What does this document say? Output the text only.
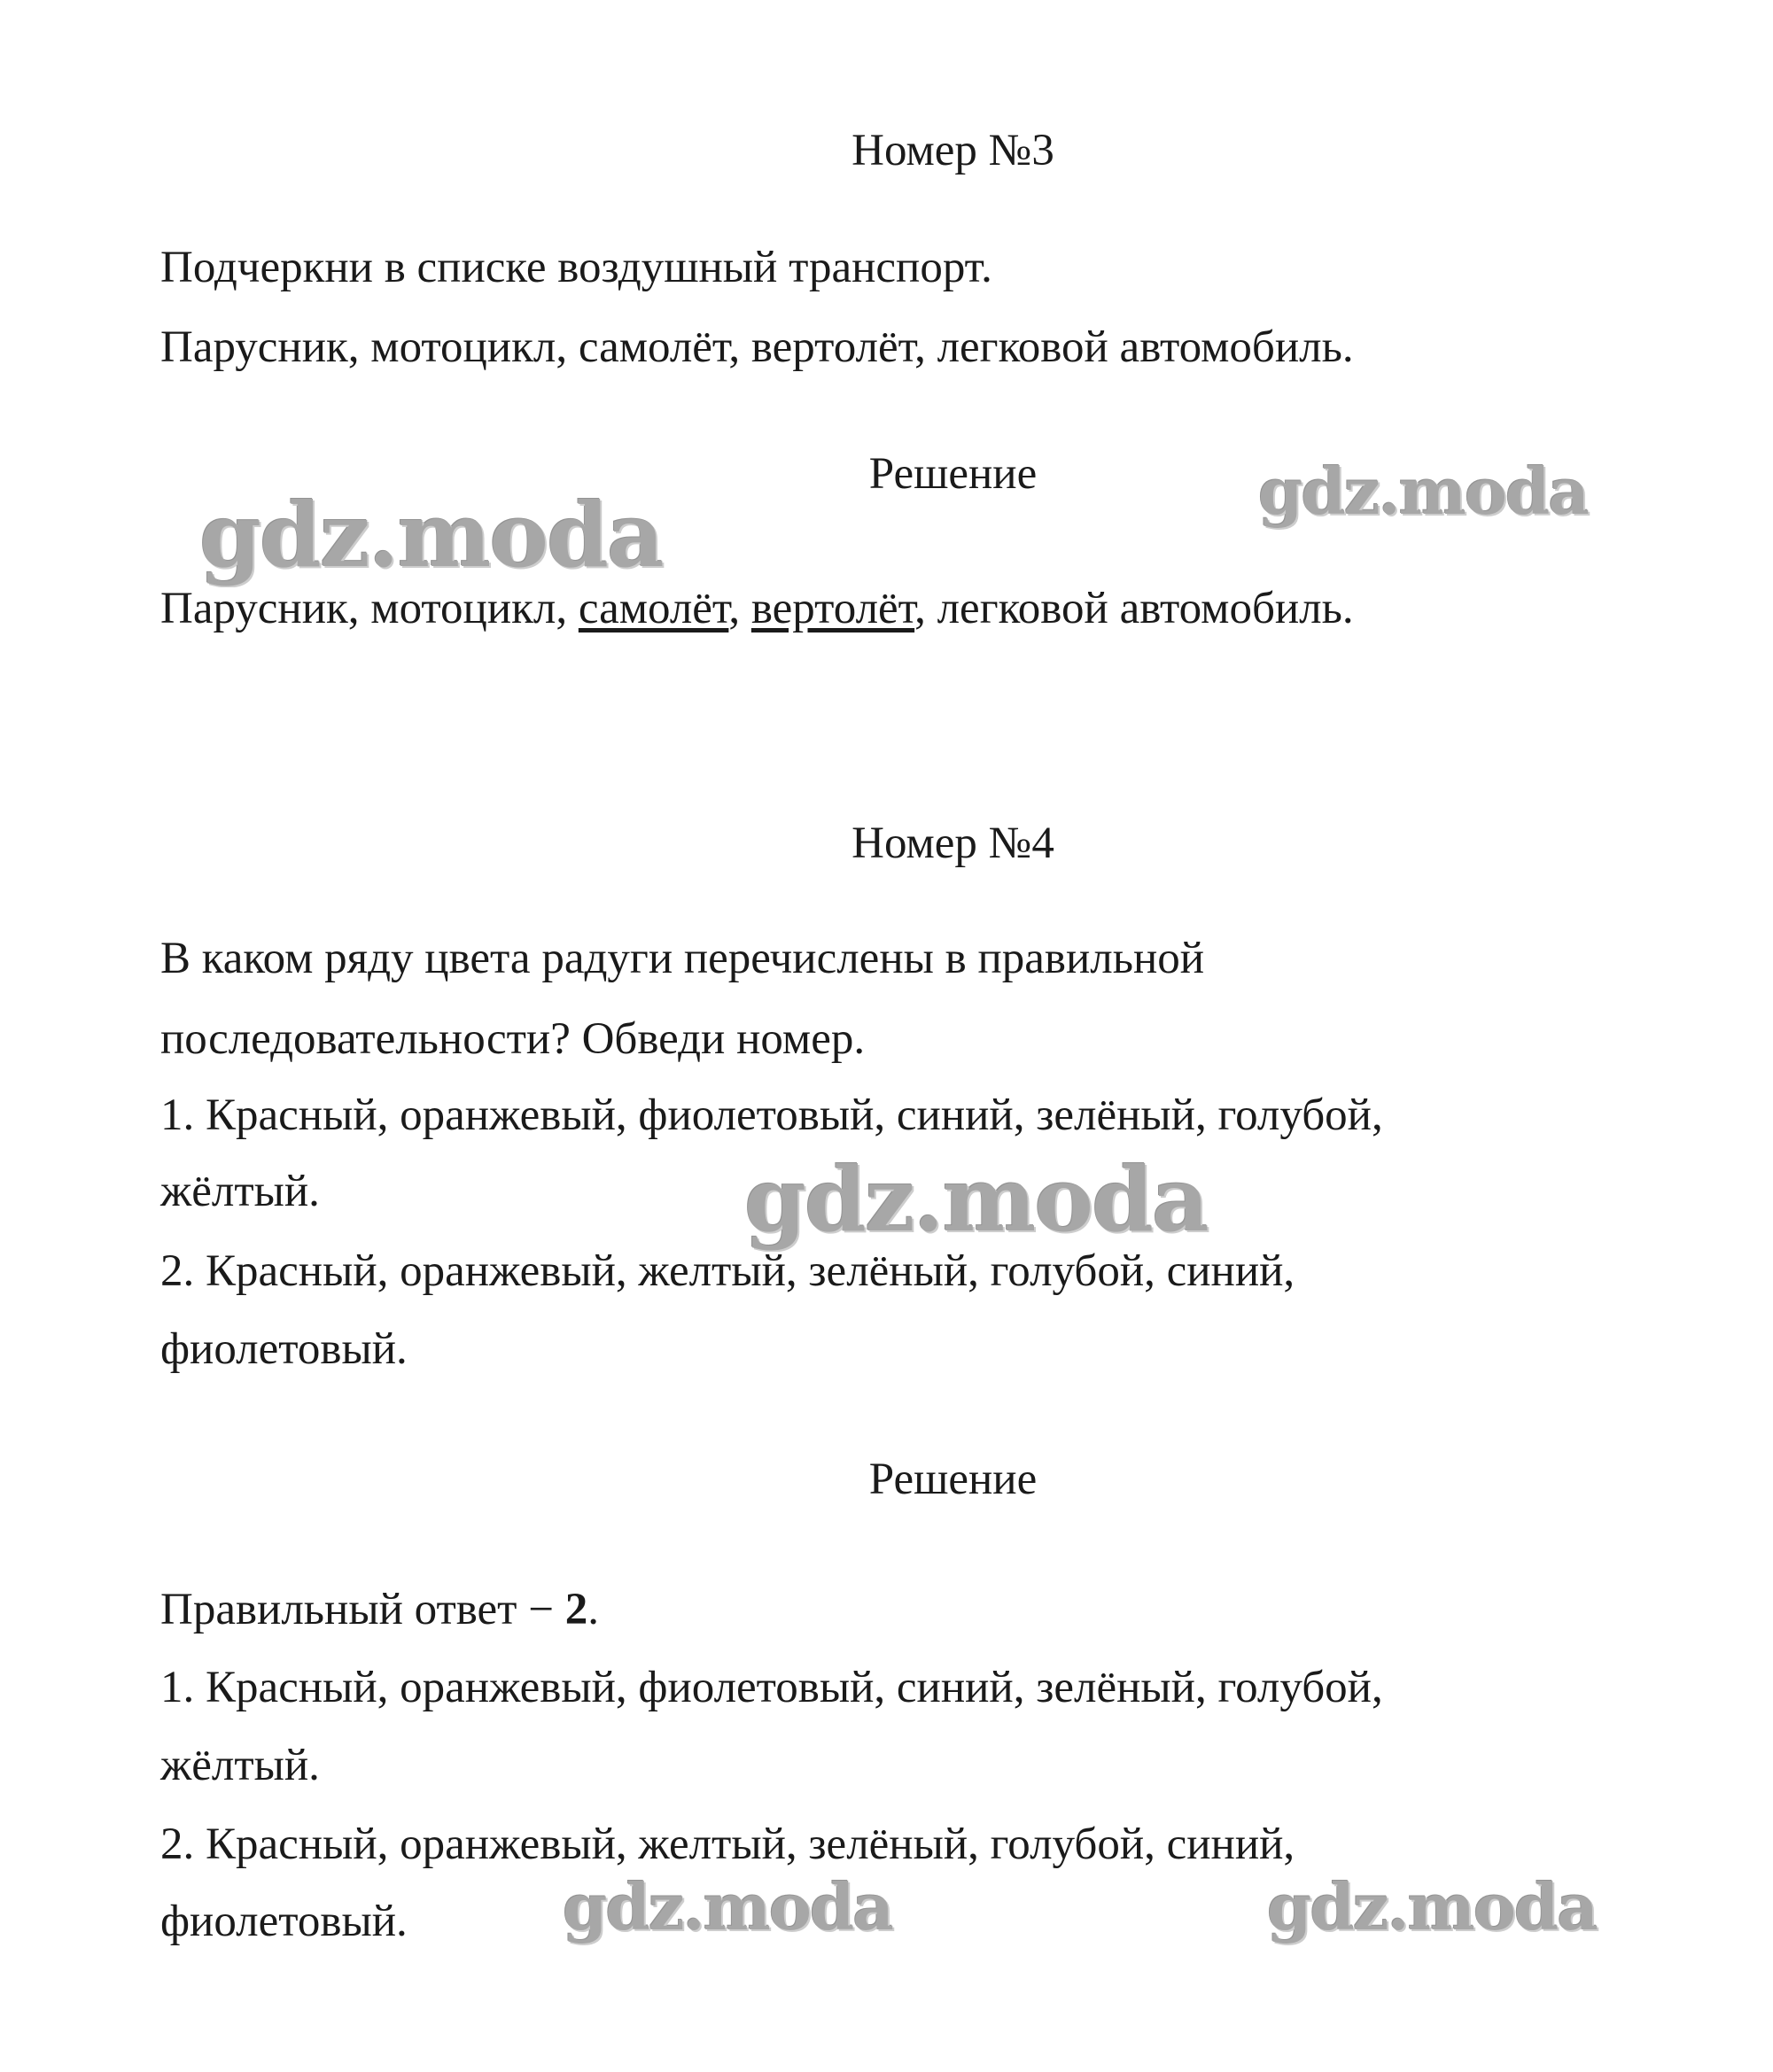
Номер №3
Подчеркни в списке воздушный транспорт.
Парусник, мотоцикл, самолёт, вертолёт, легковой автомобиль.
Решение
Парусник, мотоцикл, самолёт, вертолёт, легковой автомобиль.
Номер №4
В каком ряду цвета радуги перечислены в правильной
последовательности? Обведи номер.
1. Красный, оранжевый, фиолетовый, синий, зелёный, голубой,
жёлтый.
2. Красный, оранжевый, желтый, зелёный, голубой, синий,
фиолетовый.
Решение
Правильный ответ − 2.
1. Красный, оранжевый, фиолетовый, синий, зелёный, голубой,
жёлтый.
2. Красный, оранжевый, желтый, зелёный, голубой, синий,
фиолетовый.
gdz.moda	gdz.moda
gdz.moda
gdz.moda	gdz.moda
